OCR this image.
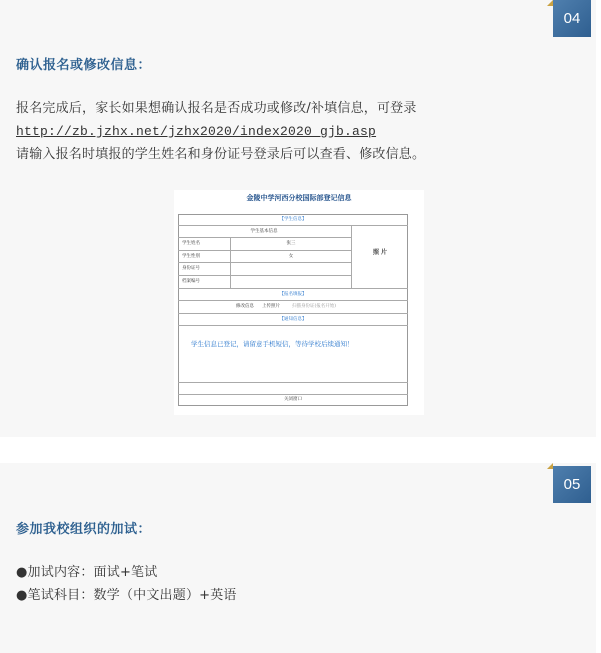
04
确认报名或修改信息：
报名完成后，家长如果想确认报名是否成功或修改/补填信息，可登录
http://zb.jzhx.net/jzhx2020/index2020_gjb.asp
请输入报名时填报的学生姓名和身份证号登录后可以查看、修改信息。
金陵中学河西分校国际部登记信息
【学生信息】
学生基本信息
照 片
学生姓名	张三
学生性别	女
身份证号
档案编号
【报名填报】
修改信息 上传照片	扫描身份证(报名开始)
【通知信息】
学生信息已登记，请留意手机短信，等待学校后续通知！
关闭窗口
05
参加我校组织的加试：
●加试内容：面试+笔试
●笔试科目：数学（中文出题）+英语
